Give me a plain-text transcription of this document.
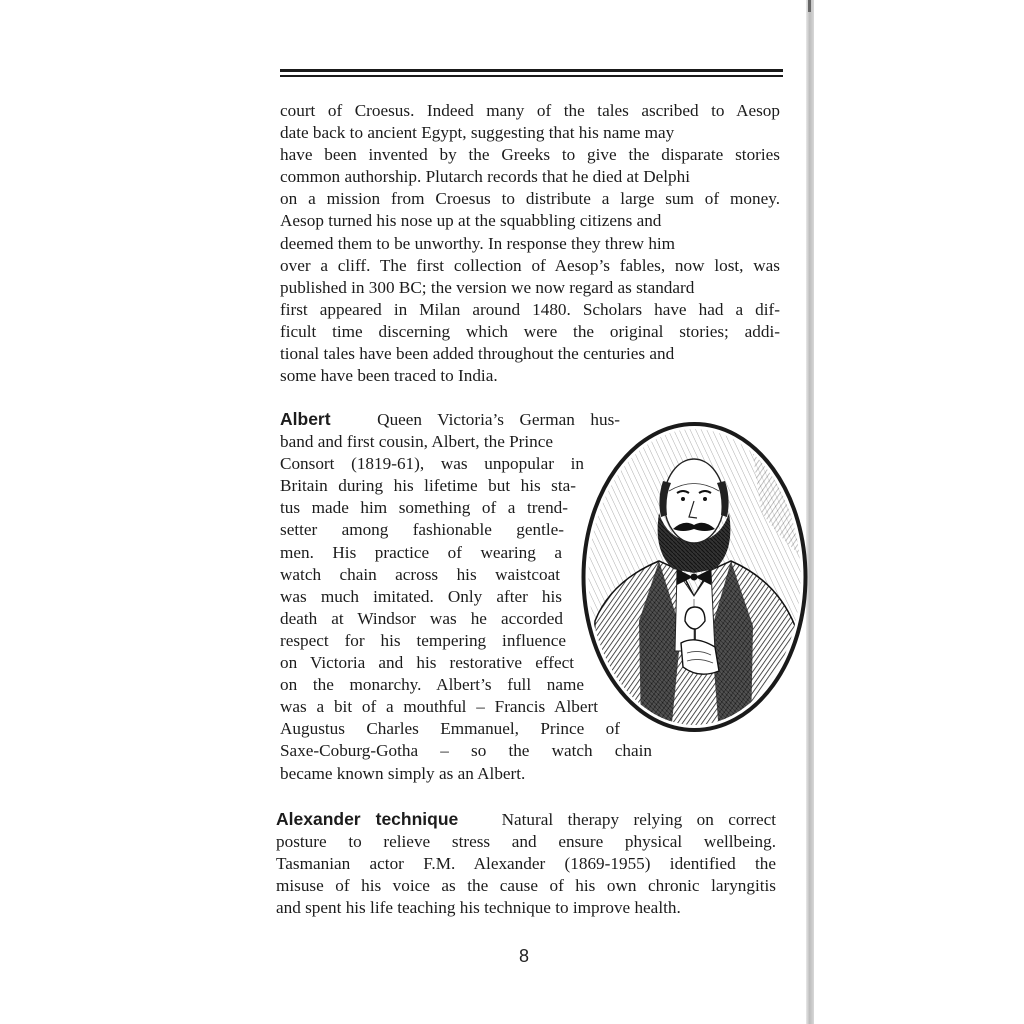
court of Croesus. Indeed many of the tales ascribed to Aesop
date back to ancient Egypt, suggesting that his name may
have been invented by the Greeks to give the disparate stories
common authorship. Plutarch records that he died at Delphi
on a mission from Croesus to distribute a large sum of money.
Aesop turned his nose up at the squabbling citizens and
deemed them to be unworthy. In response they threw him
over a cliff. The first collection of Aesop’s fables, now lost, was
published in 300 BC; the version we now regard as standard
first appeared in Milan around 1480. Scholars have had a dif-
ficult time discerning which were the original stories; addi-
tional tales have been added throughout the centuries and
some have been traced to India.
Albert	Queen Victoria’s German hus-
band and first cousin, Albert, the Prince
Consort (1819-61), was unpopular in
Britain during his lifetime but his sta-
tus made him something of a trend-
setter among fashionable gentle-
men. His practice of wearing a
watch chain across his waistcoat
was much imitated. Only after his
death at Windsor was he accorded
respect for his tempering influence
on Victoria and his restorative effect
on the monarchy. Albert’s full name
was a bit of a mouthful – Francis Albert
Augustus Charles Emmanuel, Prince of
Saxe-Coburg-Gotha – so the watch chain
became known simply as an Albert.
Alexander technique	Natural therapy relying on correct
posture to relieve stress and ensure physical wellbeing.
Tasmanian actor F.M. Alexander (1869-1955) identified the
misuse of his voice as the cause of his own chronic laryngitis
and spent his life teaching his technique to improve health.
8
